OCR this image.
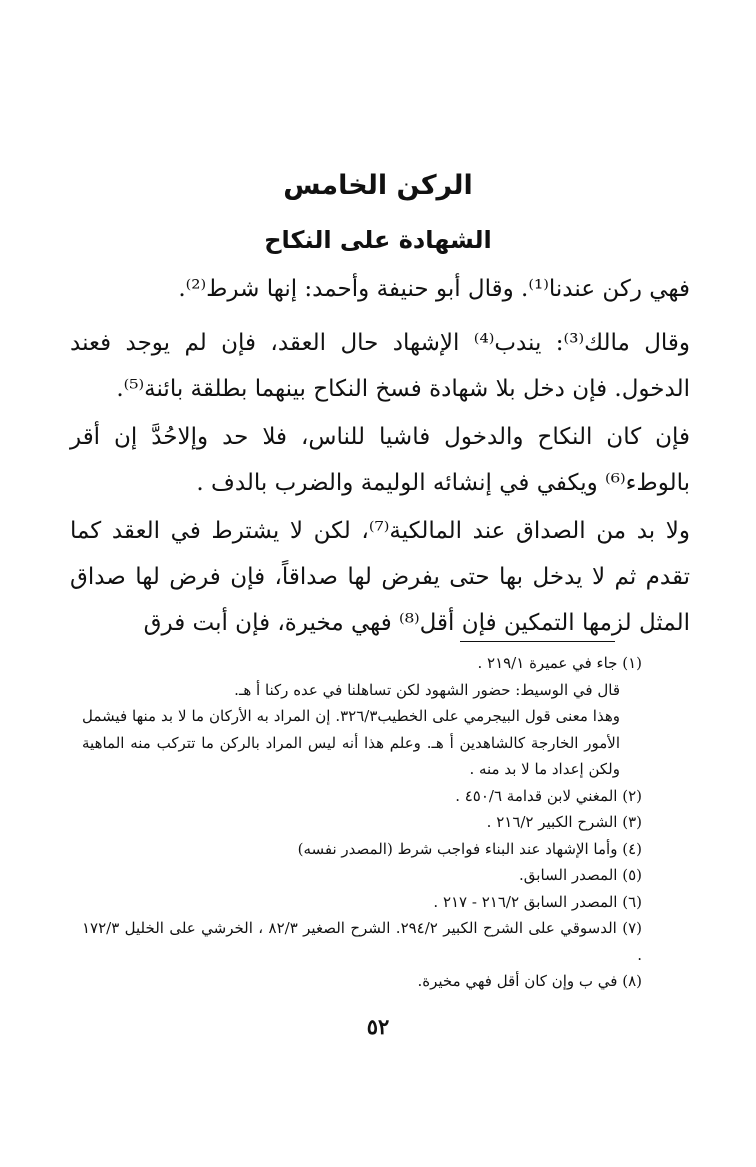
الركن الخامس
الشهادة على النكاح

فهي ركن عندنا⁽¹⁾. وقال أبو حنيفة وأحمد: إنها شرط⁽²⁾.

وقال مالك⁽³⁾: يندب⁽⁴⁾ الإشهاد حال العقد، فإن لم يوجد فعند الدخول. فإن دخل بلا شهادة فسخ النكاح بينهما بطلقة بائنة⁽⁵⁾.

فإن كان النكاح والدخول فاشيا للناس، فلا حد وإلاحُدَّ إن أقر بالوطء⁽⁶⁾ ويكفي في إنشائه الوليمة والضرب بالدف .

ولا بد من الصداق عند المالكية⁽⁷⁾، لكن لا يشترط في العقد كما تقدم ثم لا يدخل بها حتى يفرض لها صداقاً، فإن فرض لها صداق المثل لزمها التمكين فإن أقل⁽⁸⁾ فهي مخيرة، فإن أبت فرق

(١) جاء في عميرة ٢١٩/١ .

قال في الوسيط: حضور الشهود لكن تساهلنا في عده ركنا أ هـ.

وهذا معنى قول البيجرمي على الخطيب٣٢٦/٣. إن المراد به الأركان ما لا بد منها فيشمل الأمور الخارجة كالشاهدين أ هـ. وعلم هذا أنه ليس المراد بالركن ما تتركب منه الماهية ولكن إعداد ما لا بد منه .

(٢) المغني لابن قدامة ٤٥٠/٦ .

(٣) الشرح الكبير ٢١٦/٢ .

(٤) وأما الإشهاد عند البناء فواجب شرط (المصدر نفسه)

(٥) المصدر السابق.

(٦) المصدر السابق ٢١٦/٢ - ٢١٧ .

(٧) الدسوقي على الشرح الكبير ٢٩٤/٢. الشرح الصغير ٨٢/٣ ، الخرشي على الخليل ١٧٢/٣ .

(٨) في ب وإن كان أقل فهي مخيرة.

٥٢
